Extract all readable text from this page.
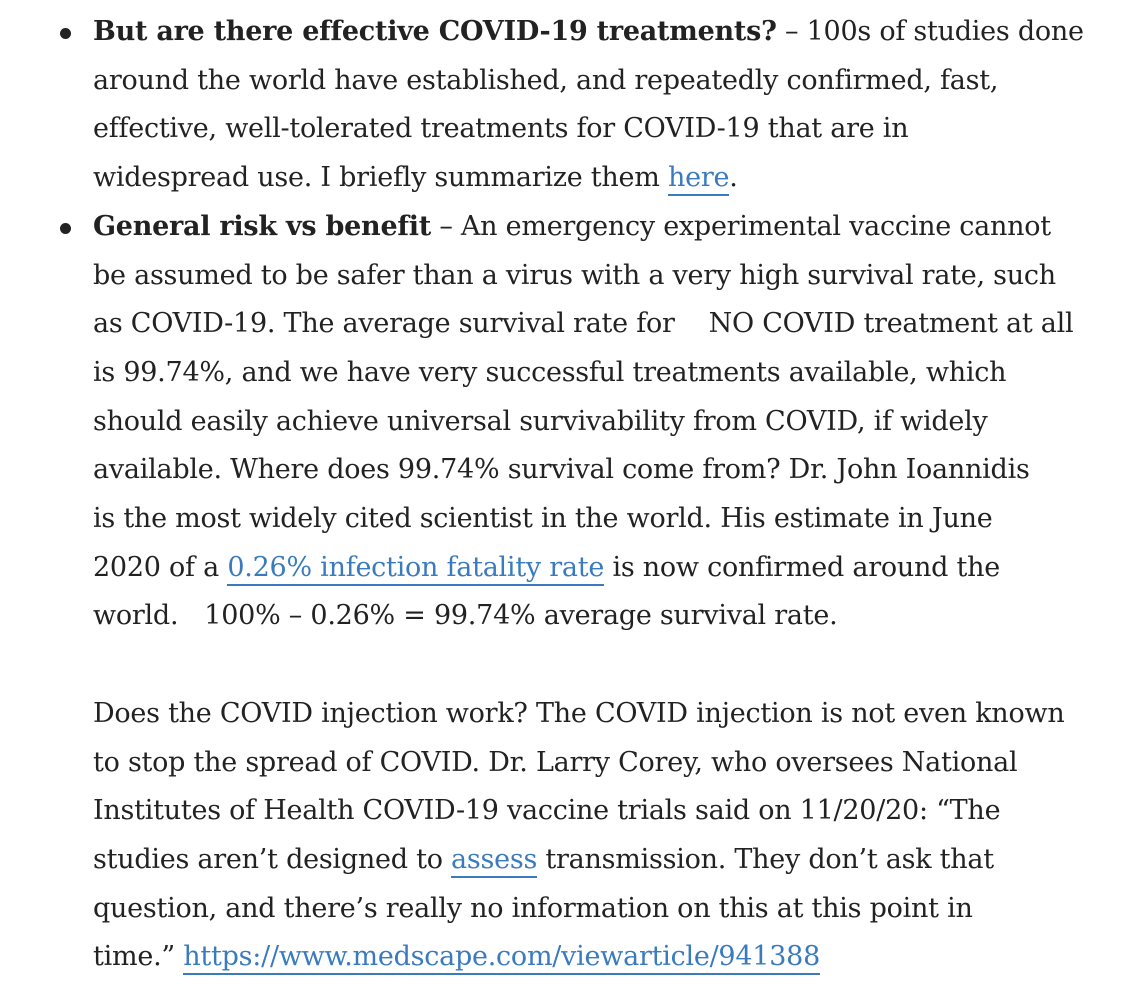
But are there effective COVID-19 treatments? – 100s of studies done
around the world have established, and repeatedly confirmed, fast,
effective, well-tolerated treatments for COVID-19 that are in
widespread use. I briefly summarize them here.
General risk vs benefit – An emergency experimental vaccine cannot
be assumed to be safer than a virus with a very high survival rate, such
as COVID-19. The average survival rate for NO COVID treatment at all
is 99.74%, and we have very successful treatments available, which
should easily achieve universal survivability from COVID, if widely
available. Where does 99.74% survival come from? Dr. John Ioannidis
is the most widely cited scientist in the world. His estimate in June
2020 of a 0.26% infection fatality rate is now confirmed around the
world. 100% – 0.26% = 99.74% average survival rate.
Does the COVID injection work? The COVID injection is not even known
to stop the spread of COVID. Dr. Larry Corey, who oversees National
Institutes of Health COVID-19 vaccine trials said on 11/20/20: “The
studies aren’t designed to assess transmission. They don’t ask that
question, and there’s really no information on this at this point in
time.” https://www.medscape.com/viewarticle/941388
